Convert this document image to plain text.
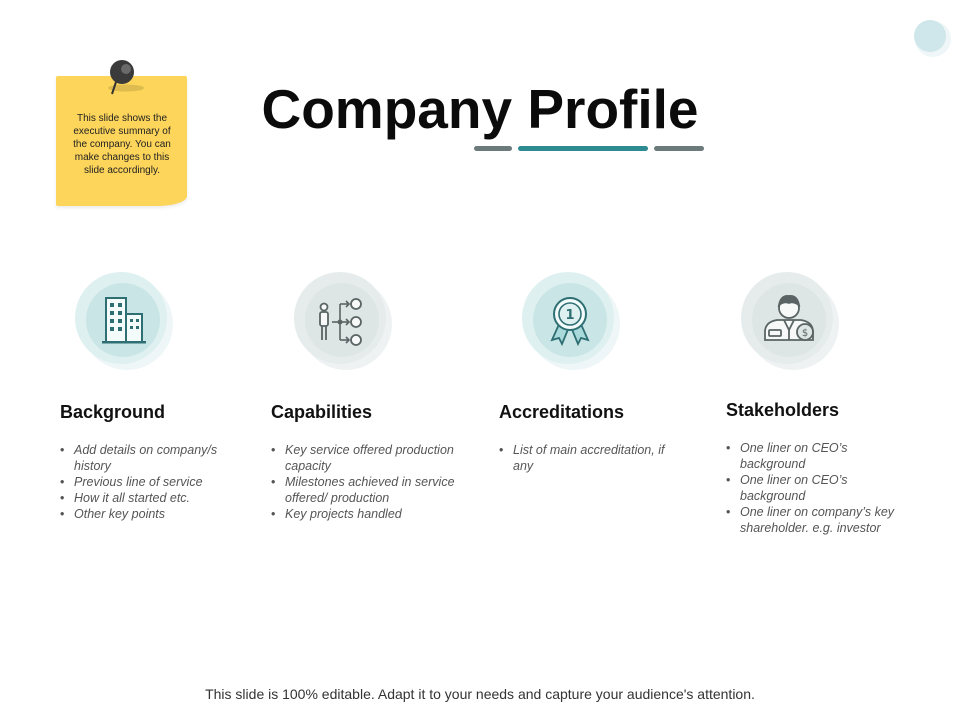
This slide shows the executive summary of the company. You can make changes to this slide accordingly.
Company Profile
Background
• Add details on company/s history
• Previous line of service
• How it all started etc.
• Other key points
Capabilities
• Key service offered production capacity
• Milestones achieved in service offered/ production
• Key projects handled
1
Accreditations
• List of main accreditation, if any
$
Stakeholders
• One liner on CEO’s background
• One liner on CEO’s background
• One liner on company’s key shareholder. e.g. investor
This slide is 100% editable. Adapt it to your needs and capture your audience's attention.
